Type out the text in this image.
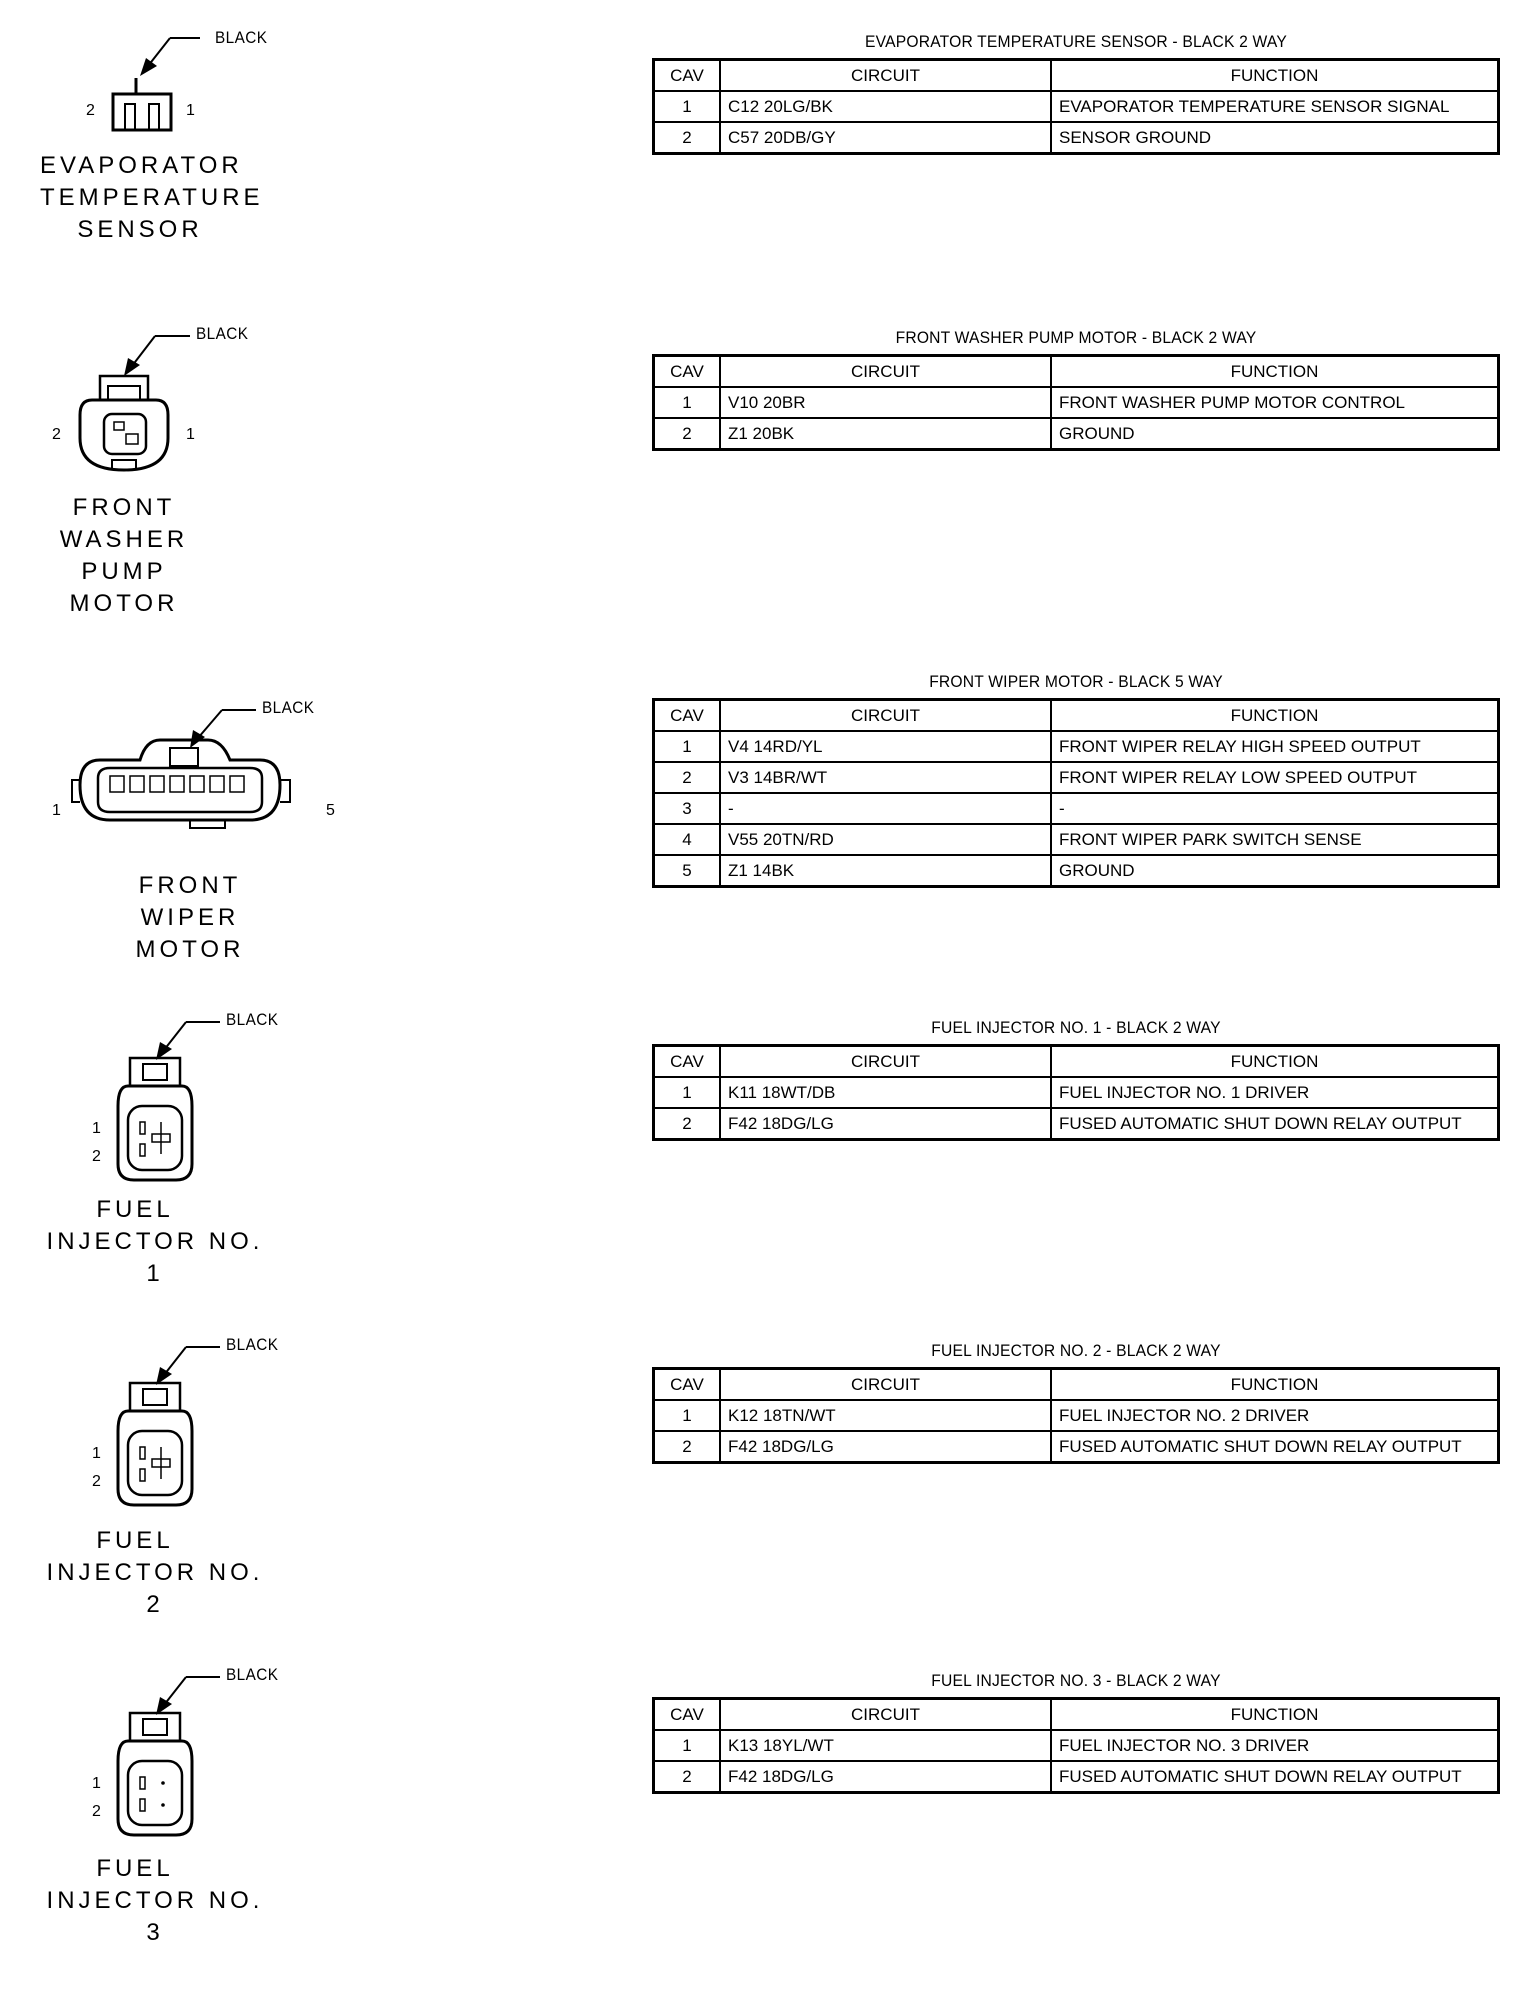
BLACK
2	1
EVAPORATOR
TEMPERATURE
SENSOR
EVAPORATOR TEMPERATURE SENSOR - BLACK 2 WAY
CAV	CIRCUIT	FUNCTION
1	C12 20LG/BK	EVAPORATOR TEMPERATURE SENSOR SIGNAL
2	C57 20DB/GY	SENSOR GROUND
BLACK
2	1
FRONT
WASHER
PUMP
MOTOR
FRONT WASHER PUMP MOTOR - BLACK 2 WAY
CAV	CIRCUIT	FUNCTION
1	V10 20BR	FRONT WASHER PUMP MOTOR CONTROL
2	Z1 20BK	GROUND
BLACK
1	5
FRONT
WIPER
MOTOR
FRONT WIPER MOTOR - BLACK 5 WAY
CAV	CIRCUIT	FUNCTION
1	V4 14RD/YL	FRONT WIPER RELAY HIGH SPEED OUTPUT
2	V3 14BR/WT	FRONT WIPER RELAY LOW SPEED OUTPUT
3	-	-
4	V55 20TN/RD	FRONT WIPER PARK SWITCH SENSE
5	Z1 14BK	GROUND
BLACK
1
2
FUEL
INJECTOR NO. 1
FUEL INJECTOR NO. 1 - BLACK 2 WAY
CAV	CIRCUIT	FUNCTION
1	K11 18WT/DB	FUEL INJECTOR NO. 1 DRIVER
2	F42 18DG/LG	FUSED AUTOMATIC SHUT DOWN RELAY OUTPUT
BLACK
1
2
FUEL
INJECTOR NO. 2
FUEL INJECTOR NO. 2 - BLACK 2 WAY
CAV	CIRCUIT	FUNCTION
1	K12 18TN/WT	FUEL INJECTOR NO. 2 DRIVER
2	F42 18DG/LG	FUSED AUTOMATIC SHUT DOWN RELAY OUTPUT
BLACK
1
2
FUEL
INJECTOR NO. 3
FUEL INJECTOR NO. 3 - BLACK 2 WAY
CAV	CIRCUIT	FUNCTION
1	K13 18YL/WT	FUEL INJECTOR NO. 3 DRIVER
2	F42 18DG/LG	FUSED AUTOMATIC SHUT DOWN RELAY OUTPUT
